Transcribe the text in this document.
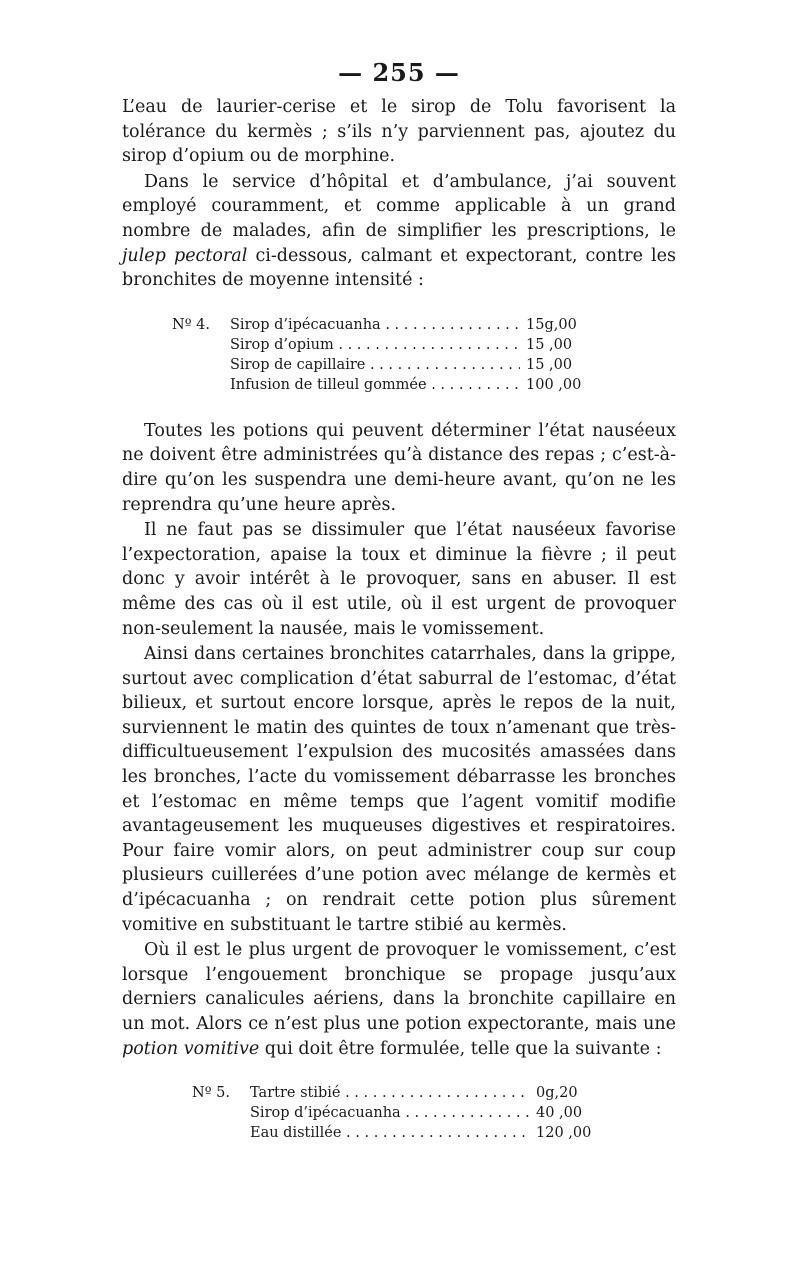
— 255 —

L’eau de laurier-cerise et le sirop de Tolu favorisent la tolérance du kermès ; s’ils n’y parviennent pas, ajoutez du sirop d’opium ou de morphine.

Dans le service d’hôpital et d’ambulance, j’ai souvent employé couramment, et comme applicable à un grand nombre de malades, afin de simplifier les prescriptions, le julep pectoral ci-dessous, calmant et expectorant, contre les bronchites de moyenne intensité :

Nº 4.	Sirop d’ipécacuanha . . .	15g,00
Sirop d’opium . . .	15 ,00
Sirop de capillaire . . .	15 ,00
Infusion de tilleul gommée . . .	100 ,00

Toutes les potions qui peuvent déterminer l’état nauséeux ne doivent être administrées qu’à distance des repas ; c’est-à-dire qu’on les suspendra une demi-heure avant, qu’on ne les reprendra qu’une heure après.

Il ne faut pas se dissimuler que l’état nauséeux favorise l’expectoration, apaise la toux et diminue la fièvre ; il peut donc y avoir intérêt à le provoquer, sans en abuser. Il est même des cas où il est utile, où il est urgent de provoquer non-seulement la nausée, mais le vomissement.

Ainsi dans certaines bronchites catarrhales, dans la grippe, surtout avec complication d’état saburral de l’estomac, d’état bilieux, et surtout encore lorsque, après le repos de la nuit, surviennent le matin des quintes de toux n’amenant que très-difficultueusement l’expulsion des mucosités amassées dans les bronches, l’acte du vomissement débarrasse les bronches et l’estomac en même temps que l’agent vomitif modifie avantageusement les muqueuses digestives et respiratoires. Pour faire vomir alors, on peut administrer coup sur coup plusieurs cuillerées d’une potion avec mélange de kermès et d’ipécacuanha ; on rendrait cette potion plus sûrement vomitive en substituant le tartre stibié au kermès.

Où il est le plus urgent de provoquer le vomissement, c’est lorsque l’engouement bronchique se propage jusqu’aux derniers canalicules aériens, dans la bronchite capillaire en un mot. Alors ce n’est plus une potion expectorante, mais une potion vomitive qui doit être formulée, telle que la suivante :

Nº 5.	Tartre stibié . . .	0g,20
Sirop d’ipécacuanha . . .	40 ,00
Eau distillée . . .	120 ,00
